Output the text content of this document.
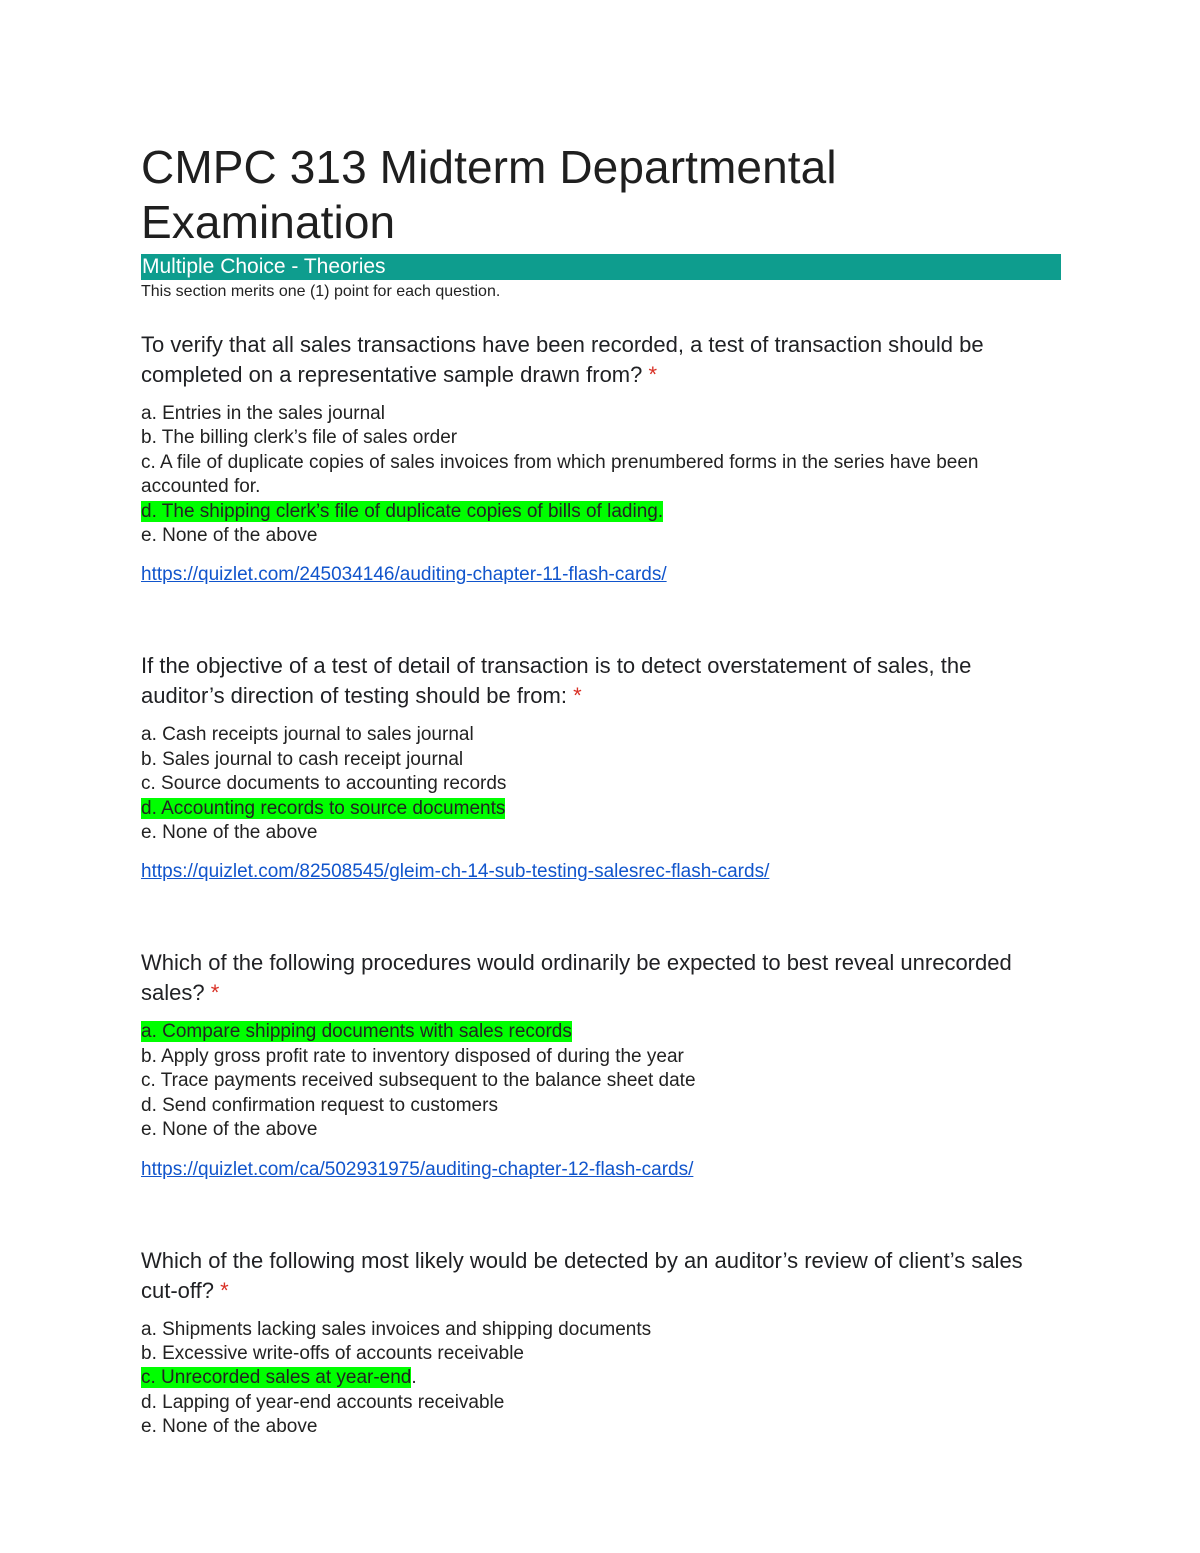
CMPC 313 Midterm Departmental Examination
Multiple Choice - Theories
This section merits one (1) point for each question.

To verify that all sales transactions have been recorded, a test of transaction should be completed on a representative sample drawn from? *

a. Entries in the sales journal
b. The billing clerk’s file of sales order
c. A file of duplicate copies of sales invoices from which prenumbered forms in the series have been accounted for.
d. The shipping clerk’s file of duplicate copies of bills of lading.
e. None of the above
https://quizlet.com/245034146/auditing-chapter-11-flash-cards/

If the objective of a test of detail of transaction is to detect overstatement of sales, the auditor’s direction of testing should be from: *

a. Cash receipts journal to sales journal
b. Sales journal to cash receipt journal
c. Source documents to accounting records
d. Accounting records to source documents
e. None of the above
https://quizlet.com/82508545/gleim-ch-14-sub-testing-salesrec-flash-cards/

Which of the following procedures would ordinarily be expected to best reveal unrecorded sales? *

a. Compare shipping documents with sales records
b. Apply gross profit rate to inventory disposed of during the year
c. Trace payments received subsequent to the balance sheet date
d. Send confirmation request to customers
e. None of the above
https://quizlet.com/ca/502931975/auditing-chapter-12-flash-cards/

Which of the following most likely would be detected by an auditor’s review of client’s sales cut-off? *

a. Shipments lacking sales invoices and shipping documents
b. Excessive write-offs of accounts receivable
c. Unrecorded sales at year-end.
d. Lapping of year-end accounts receivable
e. None of the above
